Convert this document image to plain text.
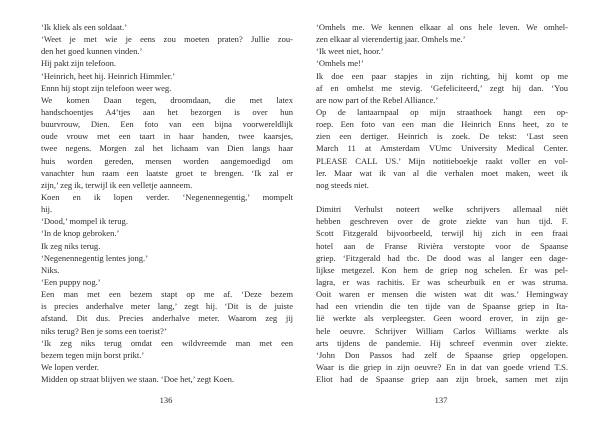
‘Ik kliek als een soldaat.’
‘Weet je met wie je eens zou moeten praten? Jullie zou-
den het goed kunnen vinden.’
Hij pakt zijn telefoon.
‘Heinrich, heet hij. Heinrich Himmler.’
Ennn hij stopt zijn telefoon weer weg.
We komen Daan tegen, droomdaan, die met latex
handschoentjes A4’tjes aan het bezorgen is over hun
buurvrouw, Dien. Een foto van een bijna voorwereldlijk
oude vrouw met een taart in haar handen, twee kaarsjes,
twee negens. Morgen zal het lichaam van Dien langs haar
huis worden gereden, mensen worden aangemoedigd om
vanachter hun raam een laatste groet te brengen. ‘Ik zal er
zijn,’ zeg ik, terwijl ik een velletje aanneem.
Koen en ik lopen verder. ‘Negenennegentig,’ mompelt
hij.
‘Dood,’ mompel ik terug.
‘In de knop gebroken.’
Ik zeg niks terug.
‘Negenennegentig lentes jong.’
Niks.
‘Een puppy nog.’
Een man met een bezem stapt op me af. ‘Deze bezem
is precies anderhalve meter lang,’ zegt hij. ‘Dit is de juiste
afstand. Dit dus. Precies anderhalve meter. Waarom zeg jij
niks terug? Ben je soms een toerist?’
‘Ik zeg niks terug omdat een wildvreemde man met een
bezem tegen mijn borst prikt.’
We lopen verder.
Midden op straat blijven we staan. ‘Doe het,’ zegt Koen.
136
‘Omhels me. We kennen elkaar al ons hele leven. We omhel-
zen elkaar al vierendertig jaar. Omhels me.’
‘Ik weet niet, hoor.’
‘Omhels me!’
Ik doe een paar stapjes in zijn richting, hij komt op me
af en omhelst me stevig. ‘Gefeliciteerd,’ zegt hij dan. ‘You
are now part of the Rebel Alliance.’
Op de lantaarnpaal op mijn straathoek hangt een op-
roep. Een foto van een man die Heinrich Enns heet, zo te
zien een dertiger. Heinrich is zoek. De tekst: ‘Last seen
March 11 at Amsterdam VUmc University Medical Center.
PLEASE CALL US.’ Mijn notitieboekje raakt voller en vol-
ler. Maar wat ik van al die verhalen moet maken, weet ik
nog steeds niet.
Dimitri Verhulst noteert welke schrijvers allemaal niët
hebben geschreven over de grote ziekte van hun tijd. F.
Scott Fitzgerald bijvoorbeeld, terwijl hij zich in een fraai
hotel aan de Franse Rivièra verstopte voor de Spaanse
griep. ‘Fitzgerald had tbc. De dood was al langer een dage-
lijkse metgezel. Kon hem de griep nog schelen. Er was pel-
lagra, er was rachitis. Er was scheurbuik en er was struma.
Ooit waren er mensen die wisten wat dit was.’ Hemingway
had een vriendin die ten tijde van de Spaanse griep in Ita-
lië werkte als verpleegster. Geen woord erover, in zijn ge-
hele oeuvre. Schrijver William Carlos Williams werkte als
arts tijdens de pandemie. Hij schreef evenmin over ziekte.
‘John Don Passos had zelf de Spaanse griep opgelopen.
Waar is die griep in zijn oeuvre? En in dat van goede vriend T.S.
Eliot had de Spaanse griep aan zijn broek, samen met zijn
137
